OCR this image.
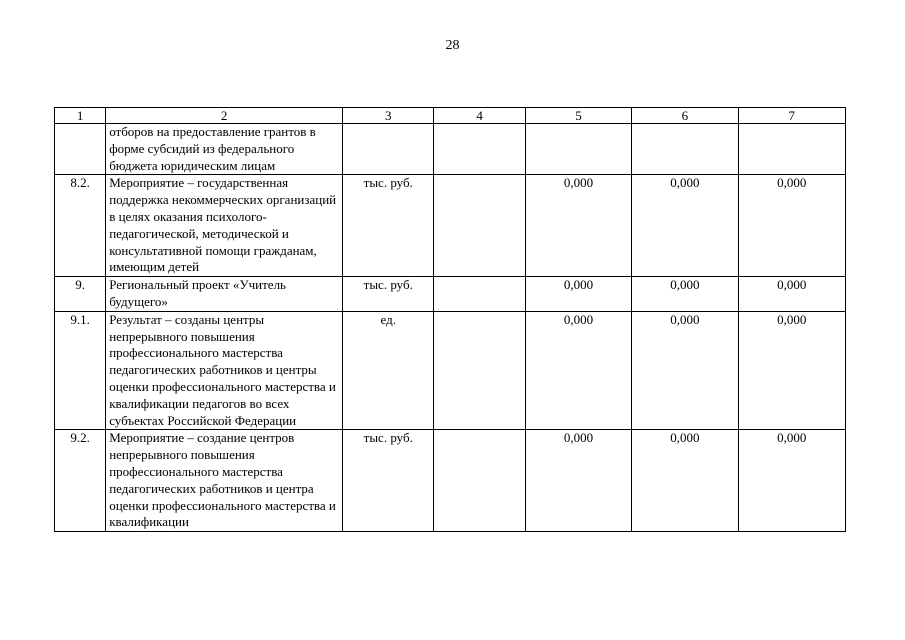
28
1	2	3	4	5	6	7
	отборов на предоставление грантов в форме субсидий из федерального бюджета юридическим лицам					
8.2.	Мероприятие – государственная поддержка некоммерческих организаций в целях оказания психолого-педагогической, методической и консультативной помощи гражданам, имеющим детей	тыс. руб.		0,000	0,000	0,000
9.	Региональный проект «Учитель будущего»	тыс. руб.		0,000	0,000	0,000
9.1.	Результат – созданы центры непрерывного повышения профессионального мастерства педагогических работников и центры оценки профессионального мастерства и квалификации педагогов во всех субъектах Российской Федерации	ед.		0,000	0,000	0,000
9.2.	Мероприятие – создание центров непрерывного повышения профессионального мастерства педагогических работников и центра оценки профессионального мастерства и квалификации	тыс. руб.		0,000	0,000	0,000
